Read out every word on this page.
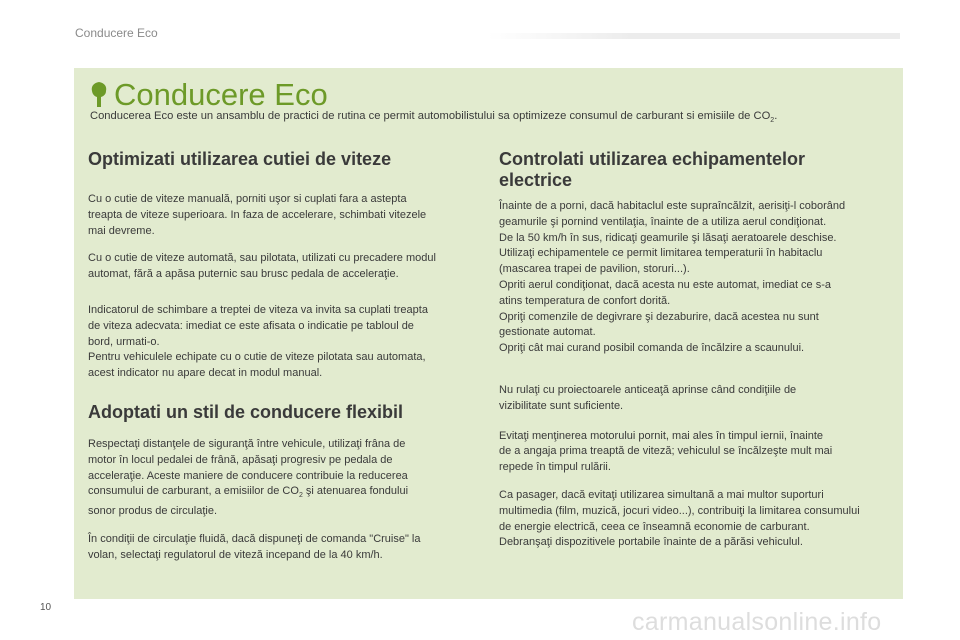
Conducere Eco
Conducere Eco
Conducerea Eco este un ansamblu de practici de rutina ce permit automobilistului sa optimizeze consumul de carburant si emisiile de $CO_2$.
Optimizati utilizarea cutiei de viteze

Cu o cutie de viteze manuală, porniti uşor si cuplati fara a astepta
treapta de viteze superioara. In faza de accelerare, schimbati vitezele
mai devreme.

Cu o cutie de viteze automată, sau pilotata, utilizati cu precadere modul
automat, fără a apăsa puternic sau brusc pedala de acceleraţie.

Indicatorul de schimbare a treptei de viteza va invita sa cuplati treapta
de viteza adecvata: imediat ce este afisata o indicatie pe tabloul de
bord, urmati-o.
Pentru vehiculele echipate cu o cutie de viteze pilotata sau automata,
acest indicator nu apare decat in modul manual.

Adoptati un stil de conducere flexibil

Respectaţi distanţele de siguranţă între vehicule, utilizaţi frâna de
motor în locul pedalei de frână, apăsaţi progresiv pe pedala de
acceleraţie. Aceste maniere de conducere contribuie la reducerea
consumului de carburant, a emisiilor de $CO_2$ şi atenuarea fondului
sonor produs de circulaţie.

În condiţii de circulaţie fluidă, dacă dispuneţi de comanda "Cruise" la
volan, selectaţi regulatorul de viteză incepand de la 40 km/h.

Controlati utilizarea echipamentelor
electrice

Înainte de a porni, dacă habitaclul este supraîncălzit, aerisiţi-l coborând
geamurile şi pornind ventilaţia, înainte de a utiliza aerul condiţionat.
De la 50 km/h în sus, ridicaţi geamurile şi lăsaţi aeratoarele deschise.
Utilizaţi echipamentele ce permit limitarea temperaturii în habitaclu
(mascarea trapei de pavilion, storuri...).
Opriti aerul condiţionat, dacă acesta nu este automat, imediat ce s-a
atins temperatura de confort dorită.
Opriţi comenzile de degivrare şi dezaburire, dacă acestea nu sunt
gestionate automat.
Opriţi cât mai curand posibil comanda de încălzire a scaunului.

Nu rulaţi cu proiectoarele anticeaţă aprinse când condiţiile de
vizibilitate sunt suficiente.

Evitaţi menţinerea motorului pornit, mai ales în timpul iernii, înainte
de a angaja prima treaptă de viteză; vehiculul se încălzeşte mult mai
repede în timpul rulării.

Ca pasager, dacă evitaţi utilizarea simultană a mai multor suporturi
multimedia (film, muzică, jocuri video...), contribuiţi la limitarea consumului
de energie electrică, ceea ce înseamnă economie de carburant.
Debranşaţi dispozitivele portabile înainte de a părăsi vehiculul.

10
carmanualsonline.info
